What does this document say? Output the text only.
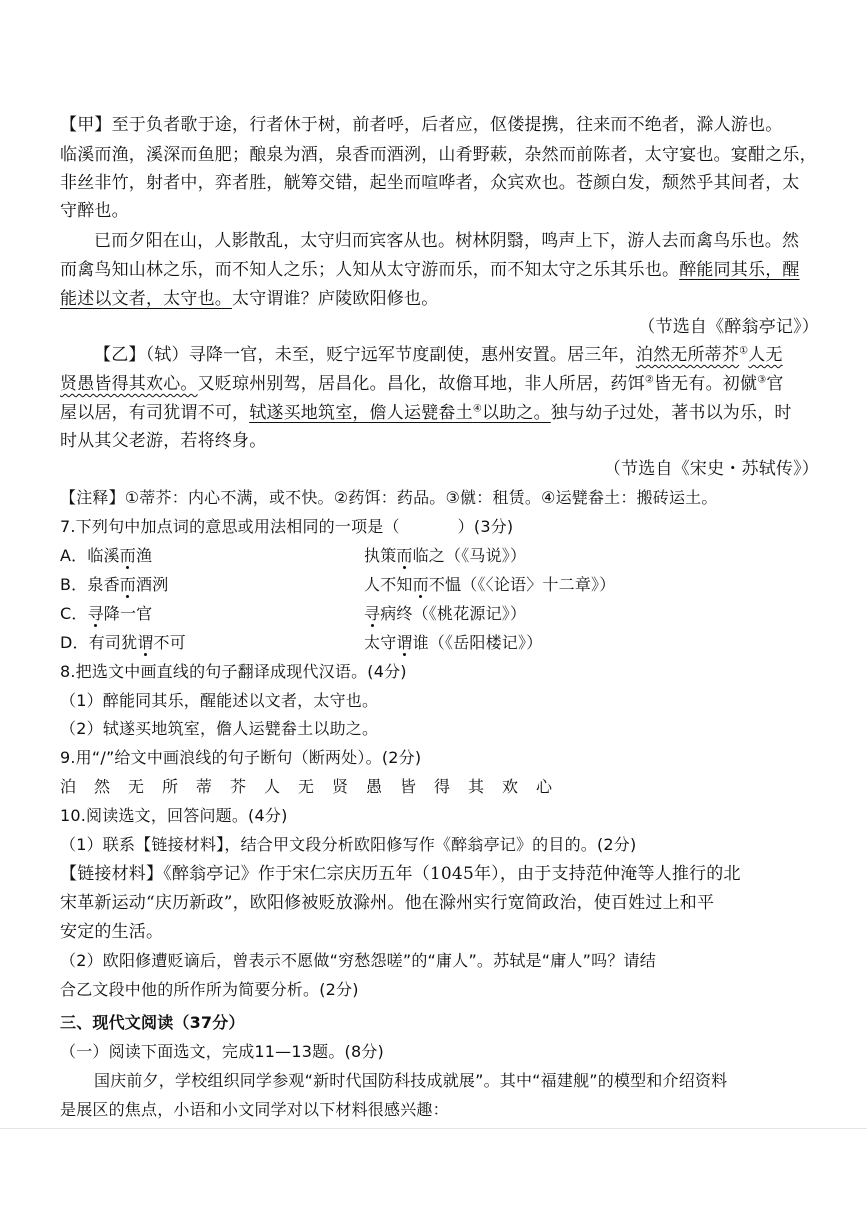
【甲】至于负者歌于途，行者休于树，前者呼，后者应，伛偻提携，往来而不绝者，滁人游也。
临溪而渔，溪深而鱼肥；酿泉为酒，泉香而酒洌，山肴野蔌，杂然而前陈者，太守宴也。宴酣之乐，
非丝非竹，射者中，弈者胜，觥筹交错，起坐而喧哗者，众宾欢也。苍颜白发，颓然乎其间者，太
守醉也。
已而夕阳在山，人影散乱，太守归而宾客从也。树林阴翳，鸣声上下，游人去而禽鸟乐也。然
而禽鸟知山林之乐，而不知人之乐；人知从太守游而乐，而不知太守之乐其乐也。醉能同其乐，醒
能述以文者，太守也。太守谓谁？庐陵欧阳修也。
（节选自《醉翁亭记》）
【乙】（轼）寻降一官，未至，贬宁远军节度副使，惠州安置。居三年，泊然无所蒂芥①人无
贤愚皆得其欢心。又贬琼州别驾，居昌化。昌化，故儋耳地，非人所居，药饵②皆无有。初僦③官
屋以居，有司犹谓不可，轼遂买地筑室，儋人运甓畚土④以助之。独与幼子过处，著书以为乐，时
时从其父老游，若将终身。
（节选自《宋史・苏轼传》）
【注释】①蒂芥：内心不满，或不快。②药饵：药品。③僦：租赁。④运甓畚土：搬砖运土。
7.下列句中加点词的意思或用法相同的一项是（	）(3分)
A．临溪而渔	执策而临之（《马说》）
B．泉香而酒洌	人不知而不愠（《〈论语〉十二章》）
C．寻降一官	寻病终（《桃花源记》）
D．有司犹谓不可	太守谓谁（《岳阳楼记》）
8.把选文中画直线的句子翻译成现代汉语。(4分)
（1）醉能同其乐，醒能述以文者，太守也。
（2）轼遂买地筑室，儋人运甓畚土以助之。
9.用“/”给文中画浪线的句子断句（断两处）。(2分)
泊 然 无 所 蒂 芥 人 无 贤 愚 皆 得 其 欢 心
10.阅读选文，回答问题。(4分)
（1）联系【链接材料】，结合甲文段分析欧阳修写作《醉翁亭记》的目的。(2分)
【链接材料】《醉翁亭记》作于宋仁宗庆历五年（1045年），由于支持范仲淹等人推行的北
宋革新运动“庆历新政”，欧阳修被贬放滁州。他在滁州实行宽简政治，使百姓过上和平
安定的生活。
（2）欧阳修遭贬谪后，曾表示不愿做“穷愁怨嗟”的“庸人”。苏轼是“庸人”吗？请结
合乙文段中他的所作所为简要分析。(2分)
三、现代文阅读（37分）
（一）阅读下面选文，完成11—13题。(8分)
国庆前夕，学校组织同学参观“新时代国防科技成就展”。其中“福建舰”的模型和介绍资料
是展区的焦点，小语和小文同学对以下材料很感兴趣：
